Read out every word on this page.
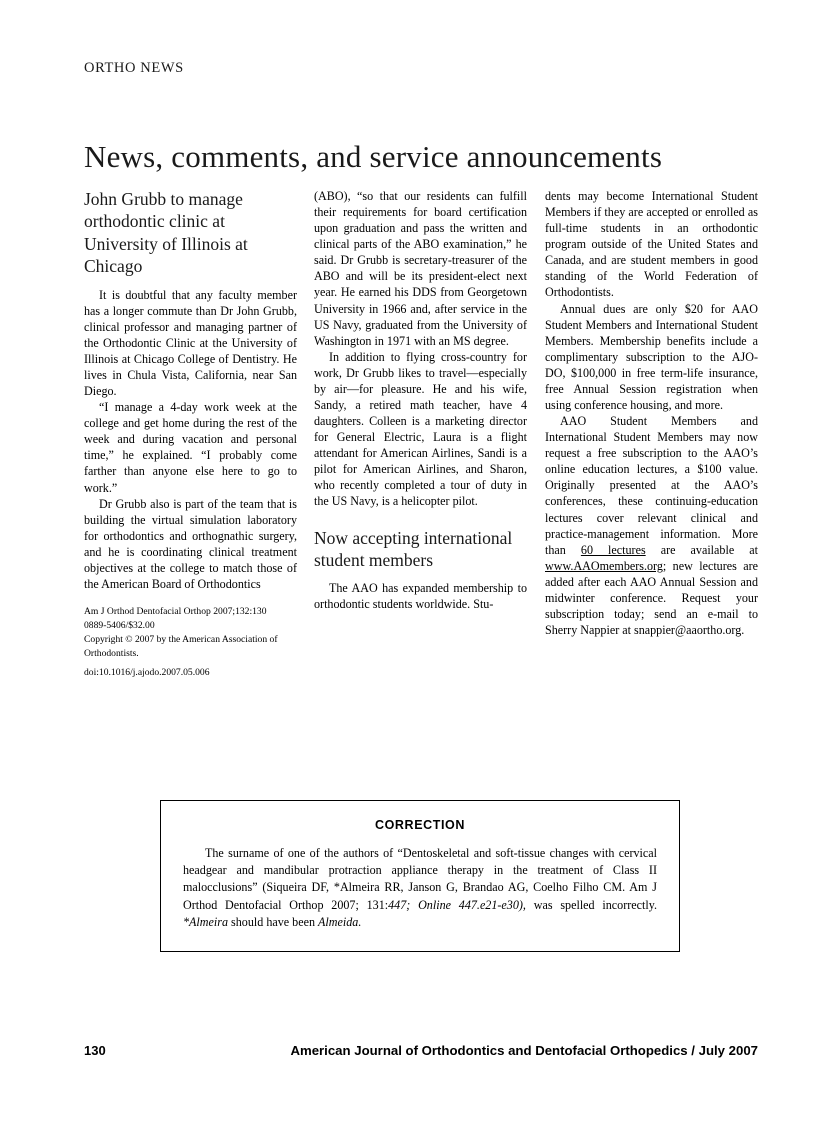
ORTHO NEWS
News, comments, and service announcements
John Grubb to manage orthodontic clinic at University of Illinois at Chicago

It is doubtful that any faculty member has a longer commute than Dr John Grubb, clinical professor and managing partner of the Orthodontic Clinic at the University of Illinois at Chicago College of Dentistry. He lives in Chula Vista, California, near San Diego.

“I manage a 4-day work week at the college and get home during the rest of the week and during vacation and personal time,” he explained. “I probably come farther than anyone else here to go to work.”

Dr Grubb also is part of the team that is building the virtual simulation laboratory for orthodontics and orthognathic surgery, and he is coordinating clinical treatment objectives at the college to match those of the American Board of Orthodontics

Am J Orthod Dentofacial Orthop 2007;132:130
0889-5406/$32.00
Copyright © 2007 by the American Association of Orthodontists.
doi:10.1016/j.ajodo.2007.05.006

(ABO), “so that our residents can fulfill their requirements for board certification upon graduation and pass the written and clinical parts of the ABO examination,” he said. Dr Grubb is secretary-treasurer of the ABO and will be its president-elect next year. He earned his DDS from Georgetown University in 1966 and, after service in the US Navy, graduated from the University of Washington in 1971 with an MS degree.

In addition to flying cross-country for work, Dr Grubb likes to travel—especially by air—for pleasure. He and his wife, Sandy, a retired math teacher, have 4 daughters. Colleen is a marketing director for General Electric, Laura is a flight attendant for American Airlines, Sandi is a pilot for American Airlines, and Sharon, who recently completed a tour of duty in the US Navy, is a helicopter pilot.

Now accepting international student members

The AAO has expanded membership to orthodontic students worldwide. Stu-

dents may become International Student Members if they are accepted or enrolled as full-time students in an orthodontic program outside of the United States and Canada, and are student members in good standing of the World Federation of Orthodontists.

Annual dues are only $20 for AAO Student Members and International Student Members. Membership benefits include a complimentary subscription to the AJO-DO, $100,000 in free term-life insurance, free Annual Session registration when using conference housing, and more.

AAO Student Members and International Student Members may now request a free subscription to the AAO’s online education lectures, a $100 value. Originally presented at the AAO’s conferences, these continuing-education lectures cover relevant clinical and practice-management information. More than 60 lectures are available at www.AAOmembers.org; new lectures are added after each AAO Annual Session and midwinter conference. Request your subscription today; send an e-mail to Sherry Nappier at snappier@aaortho.org.

CORRECTION
The surname of one of the authors of “Dentoskeletal and soft-tissue changes with cervical headgear and mandibular protraction appliance therapy in the treatment of Class II malocclusions” (Siqueira DF, *Almeira RR, Janson G, Brandao AG, Coelho Filho CM. Am J Orthod Dentofacial Orthop 2007; 131:447; Online 447.e21-e30), was spelled incorrectly. *Almeira should have been Almeida.
130	American Journal of Orthodontics and Dentofacial Orthopedics / July 2007
